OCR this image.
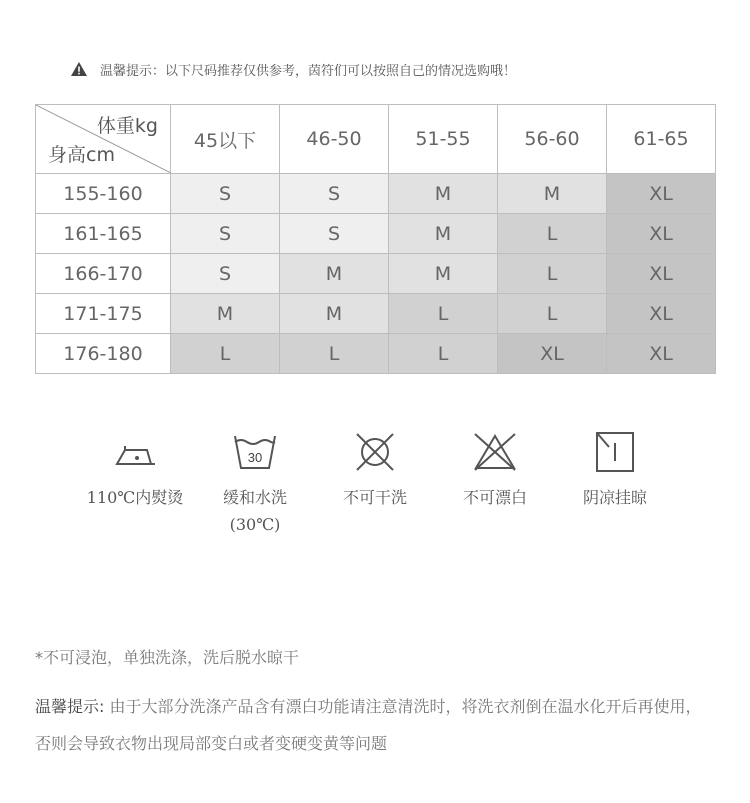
温馨提示：以下尺码推荐仅供参考，茵符们可以按照自己的情况选购哦！
体重kg
身高cm	45以下	46-50	51-55	56-60	61-65
155-160	S	S	M	M	XL
161-165	S	S	M	L	XL
166-170	S	M	M	L	XL
171-175	M	M	L	L	XL
176-180	L	L	L	XL	XL
110℃内熨烫
30
缓和水洗
(30℃)
不可干洗	不可漂白	阴凉挂晾
*不可浸泡，单独洗涤，洗后脱水晾干
温馨提示: 由于大部分洗涤产品含有漂白功能请注意清洗时，将洗衣剂倒在温水化开后再使用，否则会导致衣物出现局部变白或者变硬变黄等问题
